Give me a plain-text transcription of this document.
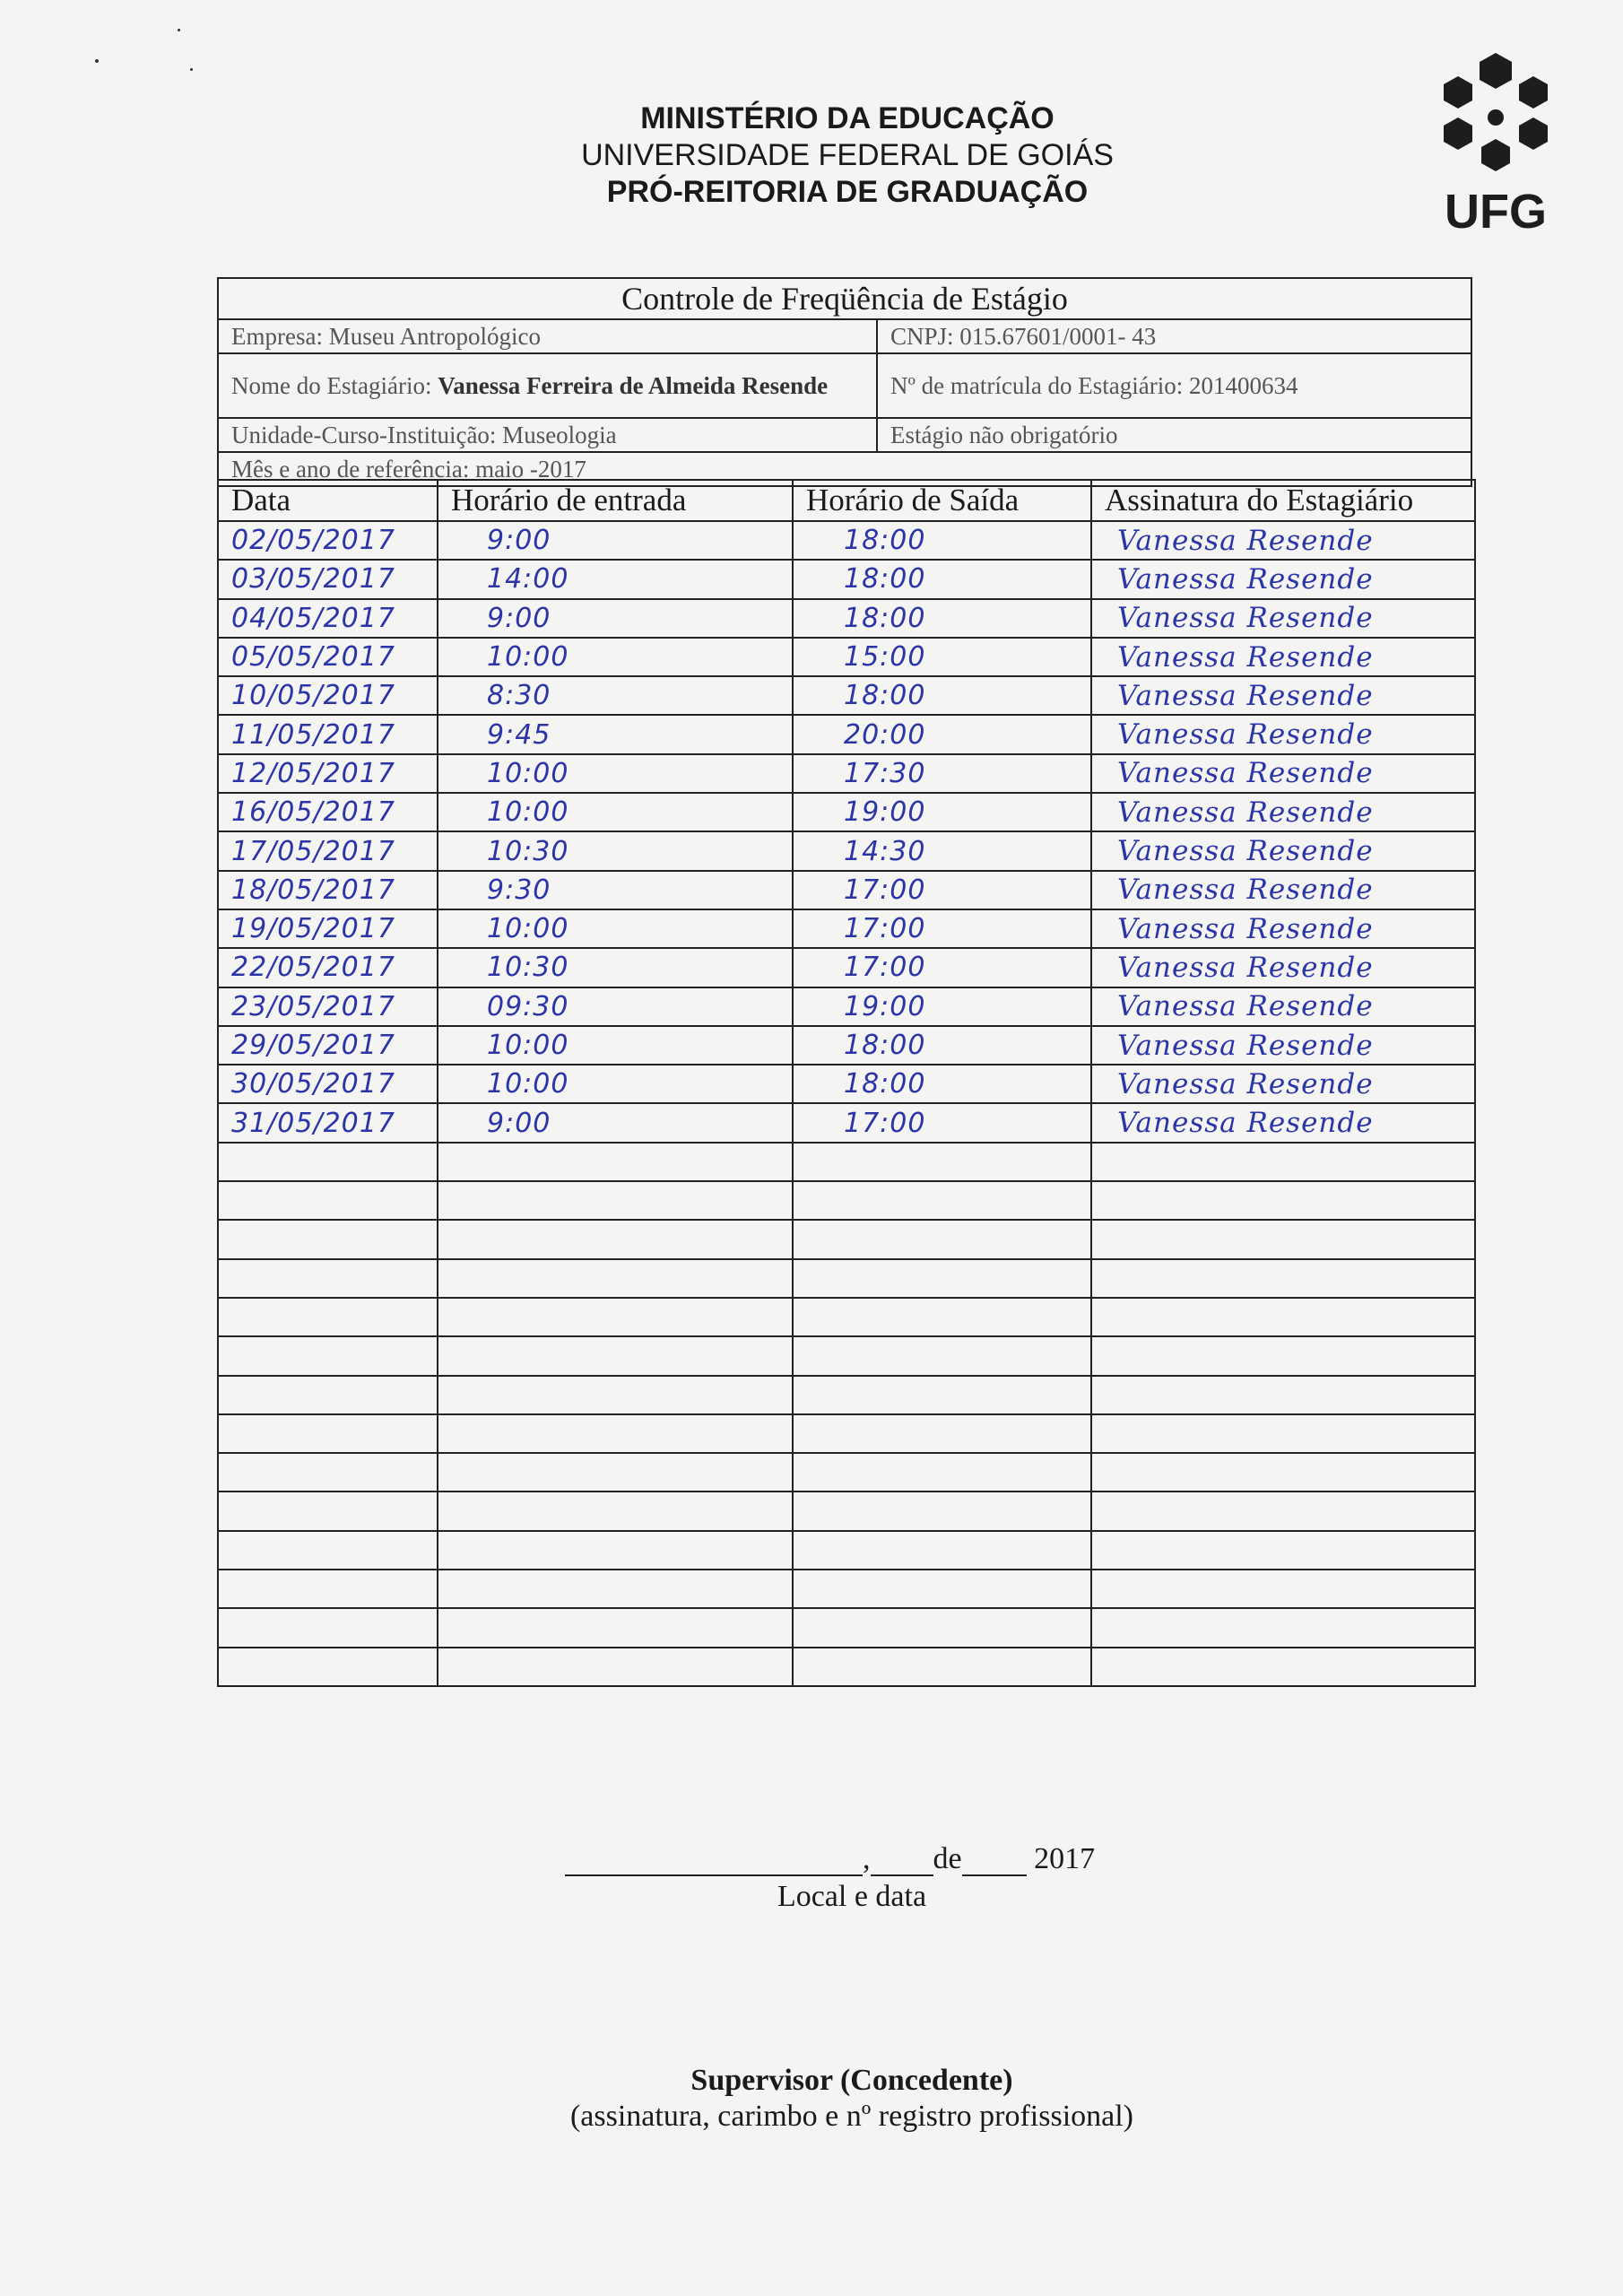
MINISTÉRIO DA EDUCAÇÃO
UNIVERSIDADE FEDERAL DE GOIÁS
PRÓ-REITORIA DE GRADUAÇÃO	UFG
Controle de Freqüência de Estágio	
Empresa: Museu Antropológico	CNPJ: 015.67601/0001- 43
Nome do Estagiário: Vanessa Ferreira de Almeida Resende	Nº de matrícula do Estagiário: 201400634
Unidade-Curso-Instituição: Museologia	Estágio não obrigatório
Mês e ano de referência: maio -2017	
Data	Horário de entrada	Horário de Saída	Assinatura do Estagiário
02/05/2017	9:00	18:00	Vanessa Resende
03/05/2017	14:00	18:00	Vanessa Resende
04/05/2017	9:00	18:00	Vanessa Resende
05/05/2017	10:00	15:00	Vanessa Resende
10/05/2017	8:30	18:00	Vanessa Resende
11/05/2017	9:45	20:00	Vanessa Resende
12/05/2017	10:00	17:30	Vanessa Resende
16/05/2017	10:00	19:00	Vanessa Resende
17/05/2017	10:30	14:30	Vanessa Resende
18/05/2017	9:30	17:00	Vanessa Resende
19/05/2017	10:00	17:00	Vanessa Resende
22/05/2017	10:30	17:00	Vanessa Resende
23/05/2017	09:30	19:00	Vanessa Resende
29/05/2017	10:00	18:00	Vanessa Resende
30/05/2017	10:00	18:00	Vanessa Resende
31/05/2017	9:00	17:00	Vanessa Resende

, de 2017
Local e data
Supervisor (Concedente)
(assinatura, carimbo e nº registro profissional)
